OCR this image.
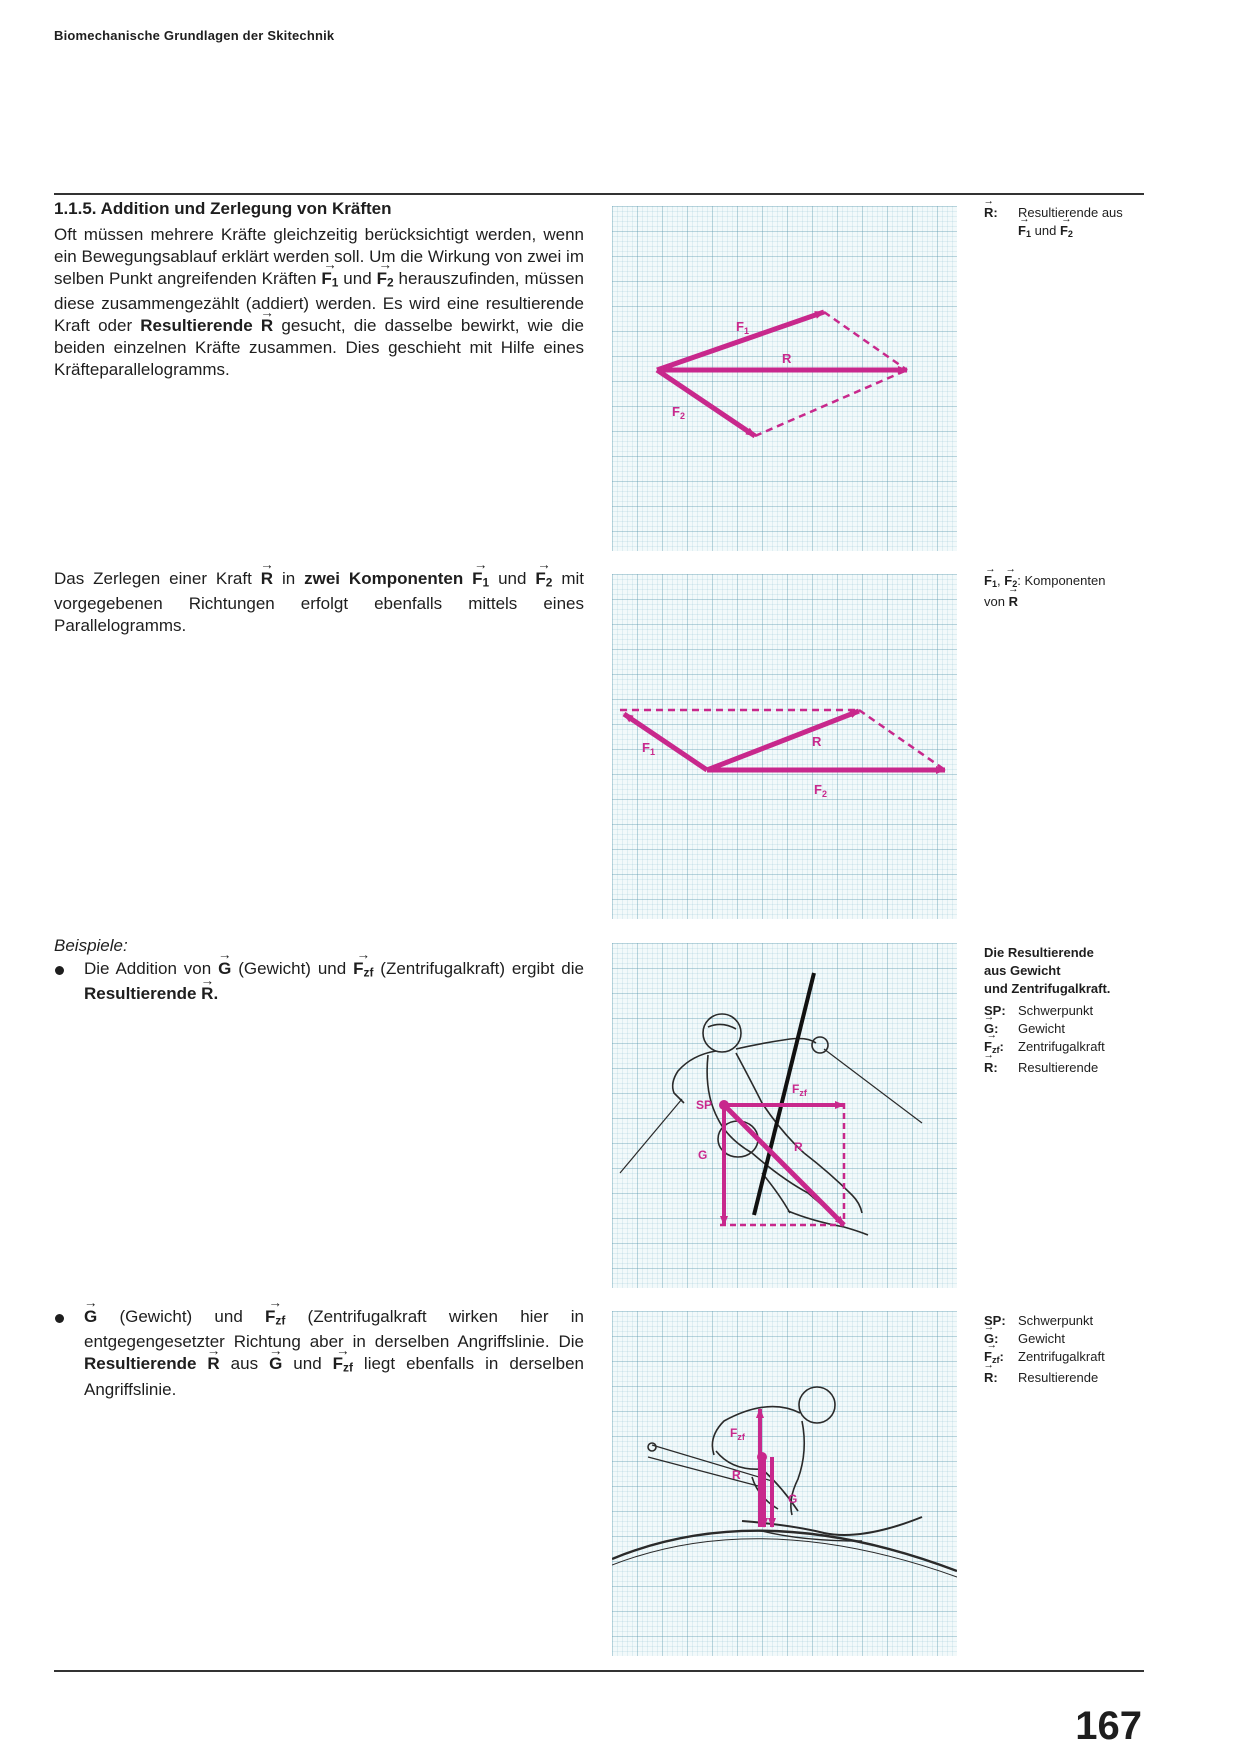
Biomechanische Grundlagen der Skitechnik
1.1.5. Addition und Zerlegung von Kräften

Oft müssen mehrere Kräfte gleichzeitig berücksichtigt werden, wenn ein Bewegungsablauf erklärt werden soll. Um die Wirkung von zwei im selben Punkt angreifenden Kräften → $F_1$ und → $F_2$ herauszufinden, müssen diese zusammengezählt (addiert) werden. Es wird eine resultierende Kraft oder Resultierende → R gesucht, die dasselbe bewirkt, wie die beiden einzelnen Kräfte zusammen. Dies geschieht mit Hilfe eines Kräfteparallelogramms.

Das Zerlegen einer Kraft → R in zwei Komponenten → $F_1$ und → $F_2$ mit vorgegebenen Richtungen erfolgt ebenfalls mittels eines Parallelogramms.

Beispiele:

Die Addition von → G (Gewicht) und → $F_{zf}$ (Zentrifugalkraft) ergibt die Resultierende → R.

→ G (Gewicht) und → $F_{zf}$ (Zentrifugalkraft wirken hier in entgegengesetzter Richtung aber in derselben Angriffslinie. Die Resultierende → R aus → G und → $F_{zf}$ liegt ebenfalls in derselben Angriffslinie.

→ R:	Resultierende aus
→ $F_1$ und → $F_2$
→ $F_1$, → $F_2$: Komponenten
von → R
Die Resultierende
aus Gewicht
und Zentrifugalkraft.
SP:	Schwerpunkt
→ G:	Gewicht
→ $F_{zf}$:	Zentrifugalkraft
→ R:	Resultierende
SP:	Schwerpunkt
→ G:	Gewicht
→ $F_{zf}$:	Zentrifugalkraft
→ R:	Resultierende
$F_1$
R
$F_2$
$F_1$
R
$F_2$
SP
G
$F_{zf}$
R
$F_{zf}$
R
G
167
